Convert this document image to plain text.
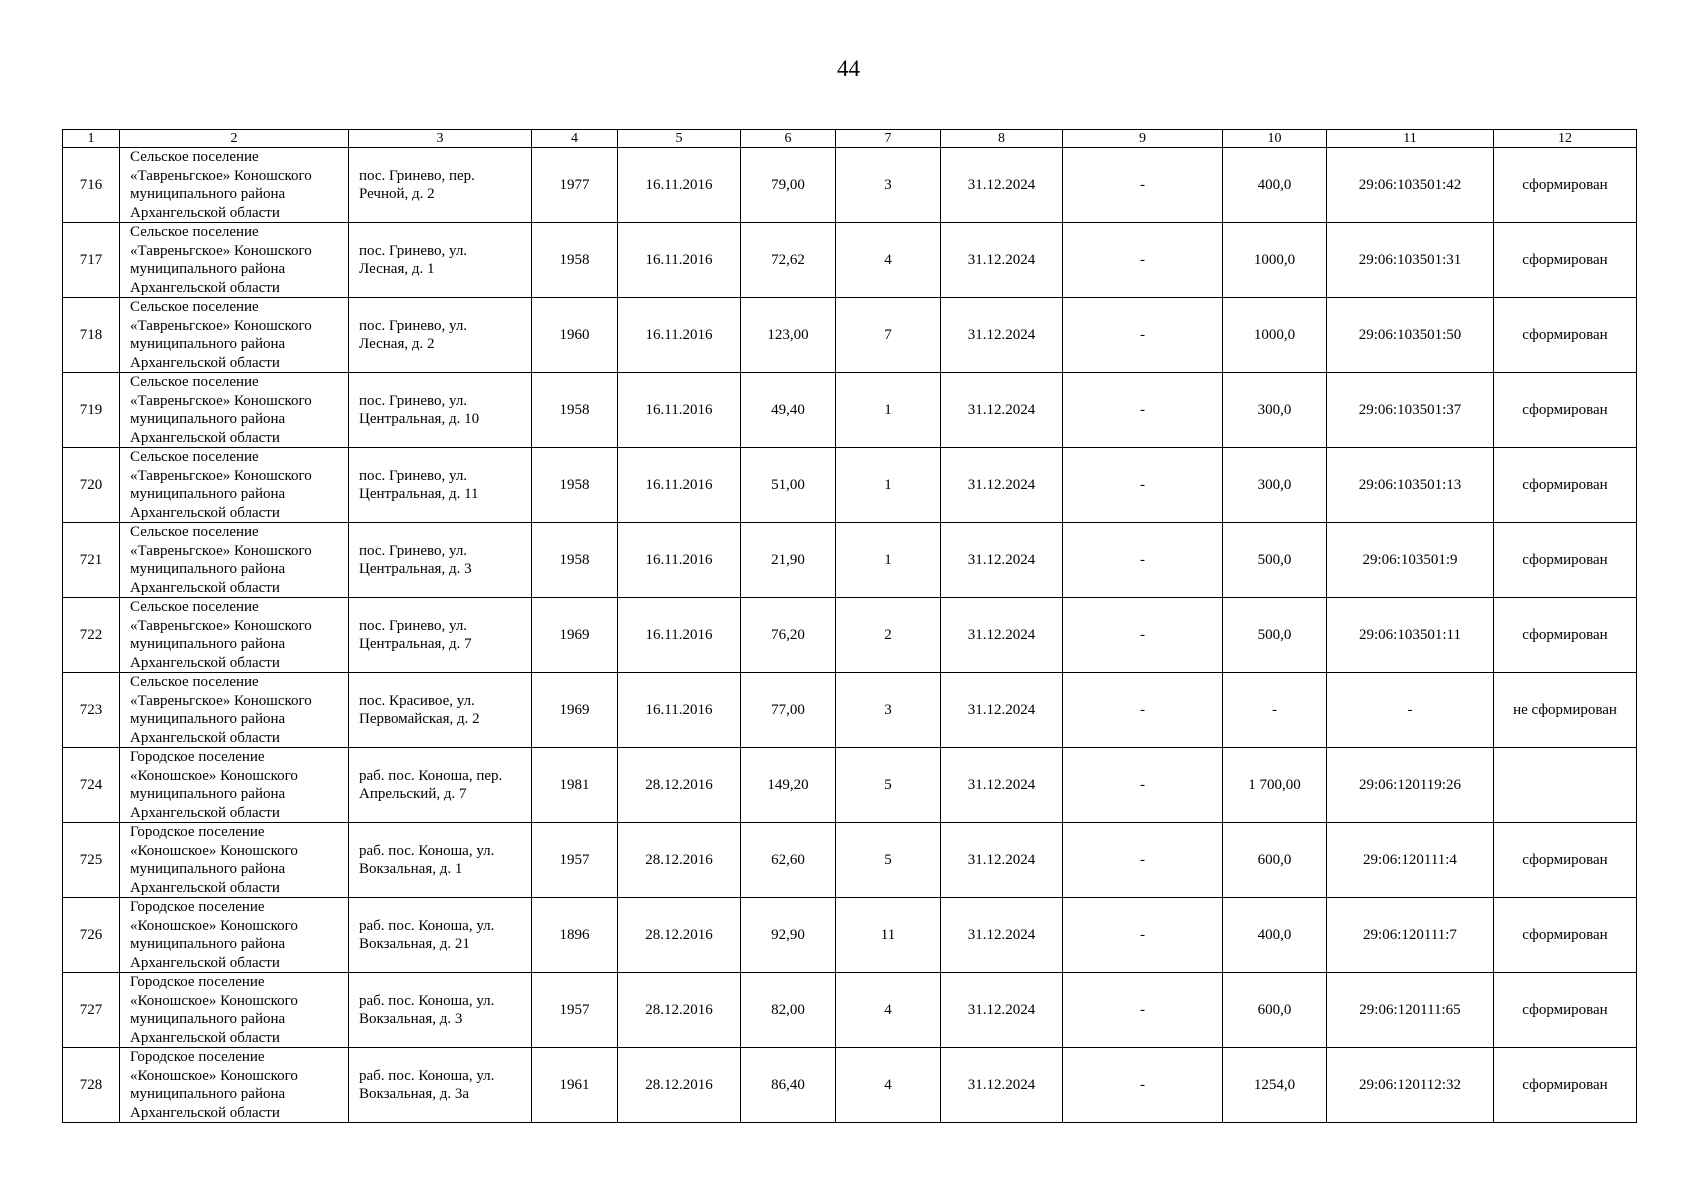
44
1	2	3	4	5	6	7	8	9	10	11	12
716	Сельское поселение
«Тавреньгское» Коношского
муниципального района
Архангельской области	пос. Гринево, пер.
Речной, д. 2	1977	16.11.2016	79,00	3	31.12.2024	-	400,0	29:06:103501:42	сформирован
717	Сельское поселение
«Тавреньгское» Коношского
муниципального района
Архангельской области	пос. Гринево, ул.
Лесная, д. 1	1958	16.11.2016	72,62	4	31.12.2024	-	1000,0	29:06:103501:31	сформирован
718	Сельское поселение
«Тавреньгское» Коношского
муниципального района
Архангельской области	пос. Гринево, ул.
Лесная, д. 2	1960	16.11.2016	123,00	7	31.12.2024	-	1000,0	29:06:103501:50	сформирован
719	Сельское поселение
«Тавреньгское» Коношского
муниципального района
Архангельской области	пос. Гринево, ул.
Центральная, д. 10	1958	16.11.2016	49,40	1	31.12.2024	-	300,0	29:06:103501:37	сформирован
720	Сельское поселение
«Тавреньгское» Коношского
муниципального района
Архангельской области	пос. Гринево, ул.
Центральная, д. 11	1958	16.11.2016	51,00	1	31.12.2024	-	300,0	29:06:103501:13	сформирован
721	Сельское поселение
«Тавреньгское» Коношского
муниципального района
Архангельской области	пос. Гринево, ул.
Центральная, д. 3	1958	16.11.2016	21,90	1	31.12.2024	-	500,0	29:06:103501:9	сформирован
722	Сельское поселение
«Тавреньгское» Коношского
муниципального района
Архангельской области	пос. Гринево, ул.
Центральная, д. 7	1969	16.11.2016	76,20	2	31.12.2024	-	500,0	29:06:103501:11	сформирован
723	Сельское поселение
«Тавреньгское» Коношского
муниципального района
Архангельской области	пос. Красивое, ул.
Первомайская, д. 2	1969	16.11.2016	77,00	3	31.12.2024	-	-	-	не сформирован
724	Городское поселение
«Коношское» Коношского
муниципального района
Архангельской области	раб. пос. Коноша, пер.
Апрельский, д. 7	1981	28.12.2016	149,20	5	31.12.2024	-	1 700,00	29:06:120119:26	
725	Городское поселение
«Коношское» Коношского
муниципального района
Архангельской области	раб. пос. Коноша, ул.
Вокзальная, д. 1	1957	28.12.2016	62,60	5	31.12.2024	-	600,0	29:06:120111:4	сформирован
726	Городское поселение
«Коношское» Коношского
муниципального района
Архангельской области	раб. пос. Коноша, ул.
Вокзальная, д. 21	1896	28.12.2016	92,90	11	31.12.2024	-	400,0	29:06:120111:7	сформирован
727	Городское поселение
«Коношское» Коношского
муниципального района
Архангельской области	раб. пос. Коноша, ул.
Вокзальная, д. 3	1957	28.12.2016	82,00	4	31.12.2024	-	600,0	29:06:120111:65	сформирован
728	Городское поселение
«Коношское» Коношского
муниципального района
Архангельской области	раб. пос. Коноша, ул.
Вокзальная, д. 3а	1961	28.12.2016	86,40	4	31.12.2024	-	1254,0	29:06:120112:32	сформирован
